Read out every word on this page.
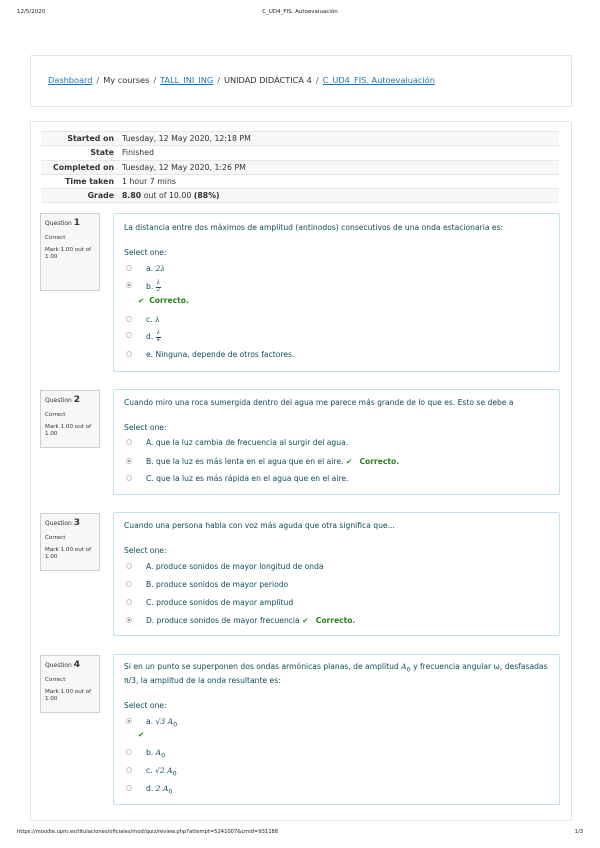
12/5/2020	C_UD4_FIS. Autoevaluación
Dashboard / My courses / TALL_INI_ING / UNIDAD DIDÁCTICA 4 / C_UD4_FIS. Autoevaluación
Started on	Tuesday, 12 May 2020, 12:18 PM
State	Finished
Completed on	Tuesday, 12 May 2020, 1:26 PM
Time taken	1 hour 7 mins
Grade	8.80 out of 10.00 (88%)
Question 1
Correct
Mark 1.00 out of 1.00
La distancia entre dos máximos de amplitud (antinodos) consecutivos de una onda estacionaria es:
Select one:
a. 2λ
b. $\frac{\lambda}{2}$
✔ Correcto.
c. λ
d. $\frac{\lambda}{4}$
e. Ninguna, depende de otros factores.
Question 2
Correct
Mark 1.00 out of 1.00
Cuando miro una roca sumergida dentro del agua me parece más grande de lo que es. Esto se debe a
Select one:
A. que la luz cambia de frecuencia al surgir del agua.
B. que la luz es más lenta en el agua que en el aire. ✔ Correcto.
C. que la luz es más rápida en el agua que en el aire.
Question 3
Correct
Mark 1.00 out of 1.00
Cuando una persona habla con voz más aguda que otra significa que...
Select one:
A. produce sonidos de mayor longitud de onda
B. produce sonidos de mayor periodo
C. produce sonidos de mayor amplitud
D. produce sonidos de mayor frecuencia ✔ Correcto.
Question 4
Correct
Mark 1.00 out of 1.00
Si en un punto se superponen dos ondas armónicas planas, de amplitud $A_0$ y frecuencia angular ω, desfasadas
π/3, la amplitud de la onda resultante es:
Select one:
a. √3 $A_0$
✔
b. $A_0$
c. √2 $A_0$
d. 2 $A_0$
https://moodle.upm.es/titulaciones/oficiales/mod/quiz/review.php?attempt=5241007&cmid=931188	1/3
